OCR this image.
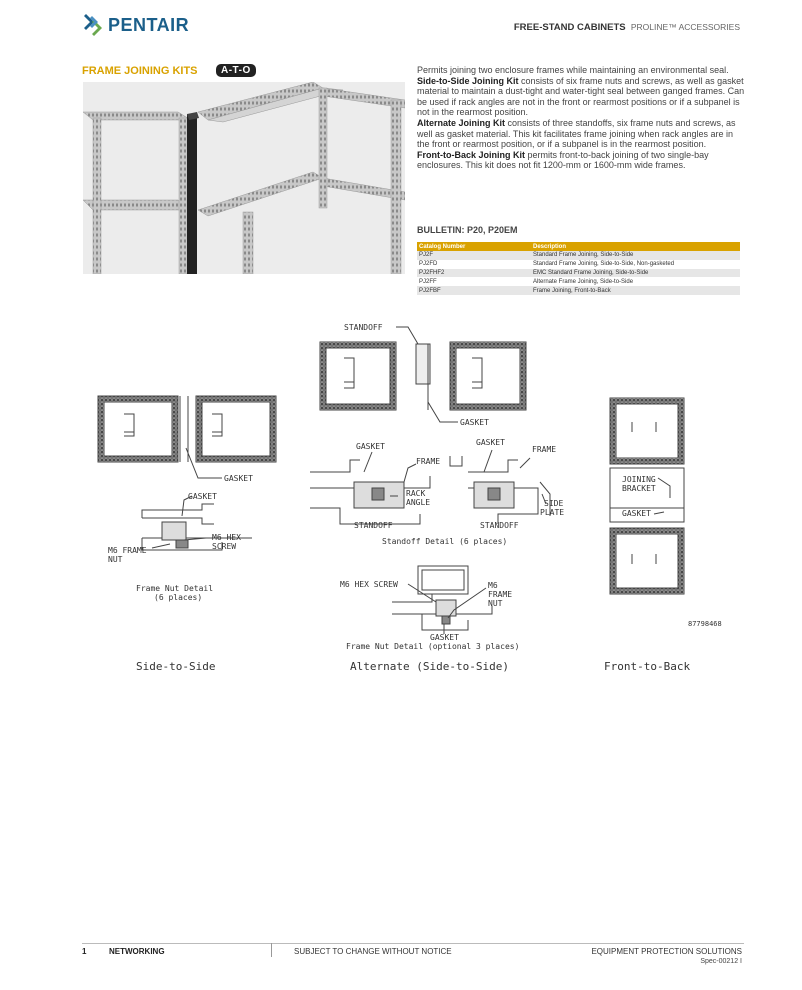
PENTAIR	FREE-STAND CABINETS PROLINE™ ACCESSORIES
FRAME JOINING KITS	A-T-O	Permits joining two enclosure frames while maintaining an environmental seal.

Side-to-Side Joining Kit consists of six frame nuts and screws, as well as gasket material to maintain a dust-tight and water-tight seal between ganged frames. Can be used if rack angles are not in the front or rearmost positions or if a subpanel is not in the rearmost position.

Alternate Joining Kit consists of three standoffs, six frame nuts and screws, as well as gasket material. This kit facilitates frame joining when rack angles are in the front or rearmost position, or if a subpanel is in the rearmost position.

Front-to-Back Joining Kit permits front-to-back joining of two single-bay enclosures. This kit does not fit 1200-mm or 1600-mm wide frames.

BULLETIN: P20, P20EM
Catalog Number	Description
PJ2F	Standard Frame Joining, Side-to-Side
PJ2FD	Standard Frame Joining, Side-to-Side, Non-gasketed
PJ2FHF2	EMC Standard Frame Joining, Side-to-Side
PJ2FF	Alternate Frame Joining, Side-to-Side
PJ2FBF	Frame Joining, Front-to-Back
GASKET
GASKET
M6 HEX
SCREW
M6 FRAME
NUT
Frame Nut Detail
(6 places)
STANDOFF
GASKET
GASKET
FRAME
RACK
ANGLE
STANDOFF
GASKET
FRAME
SIDE
PLATE
STANDOFF
Standoff Detail (6 places)
M6 HEX SCREW	M6
FRAME
NUT
GASKET
Frame Nut Detail (optional 3 places)
JOINING
BRACKET
GASKET
87798468
Side-to-Side	Alternate (Side-to-Side)	Front-to-Back
1	NETWORKING	SUBJECT TO CHANGE WITHOUT NOTICE	EQUIPMENT PROTECTION SOLUTIONS
Spec-00212 I
